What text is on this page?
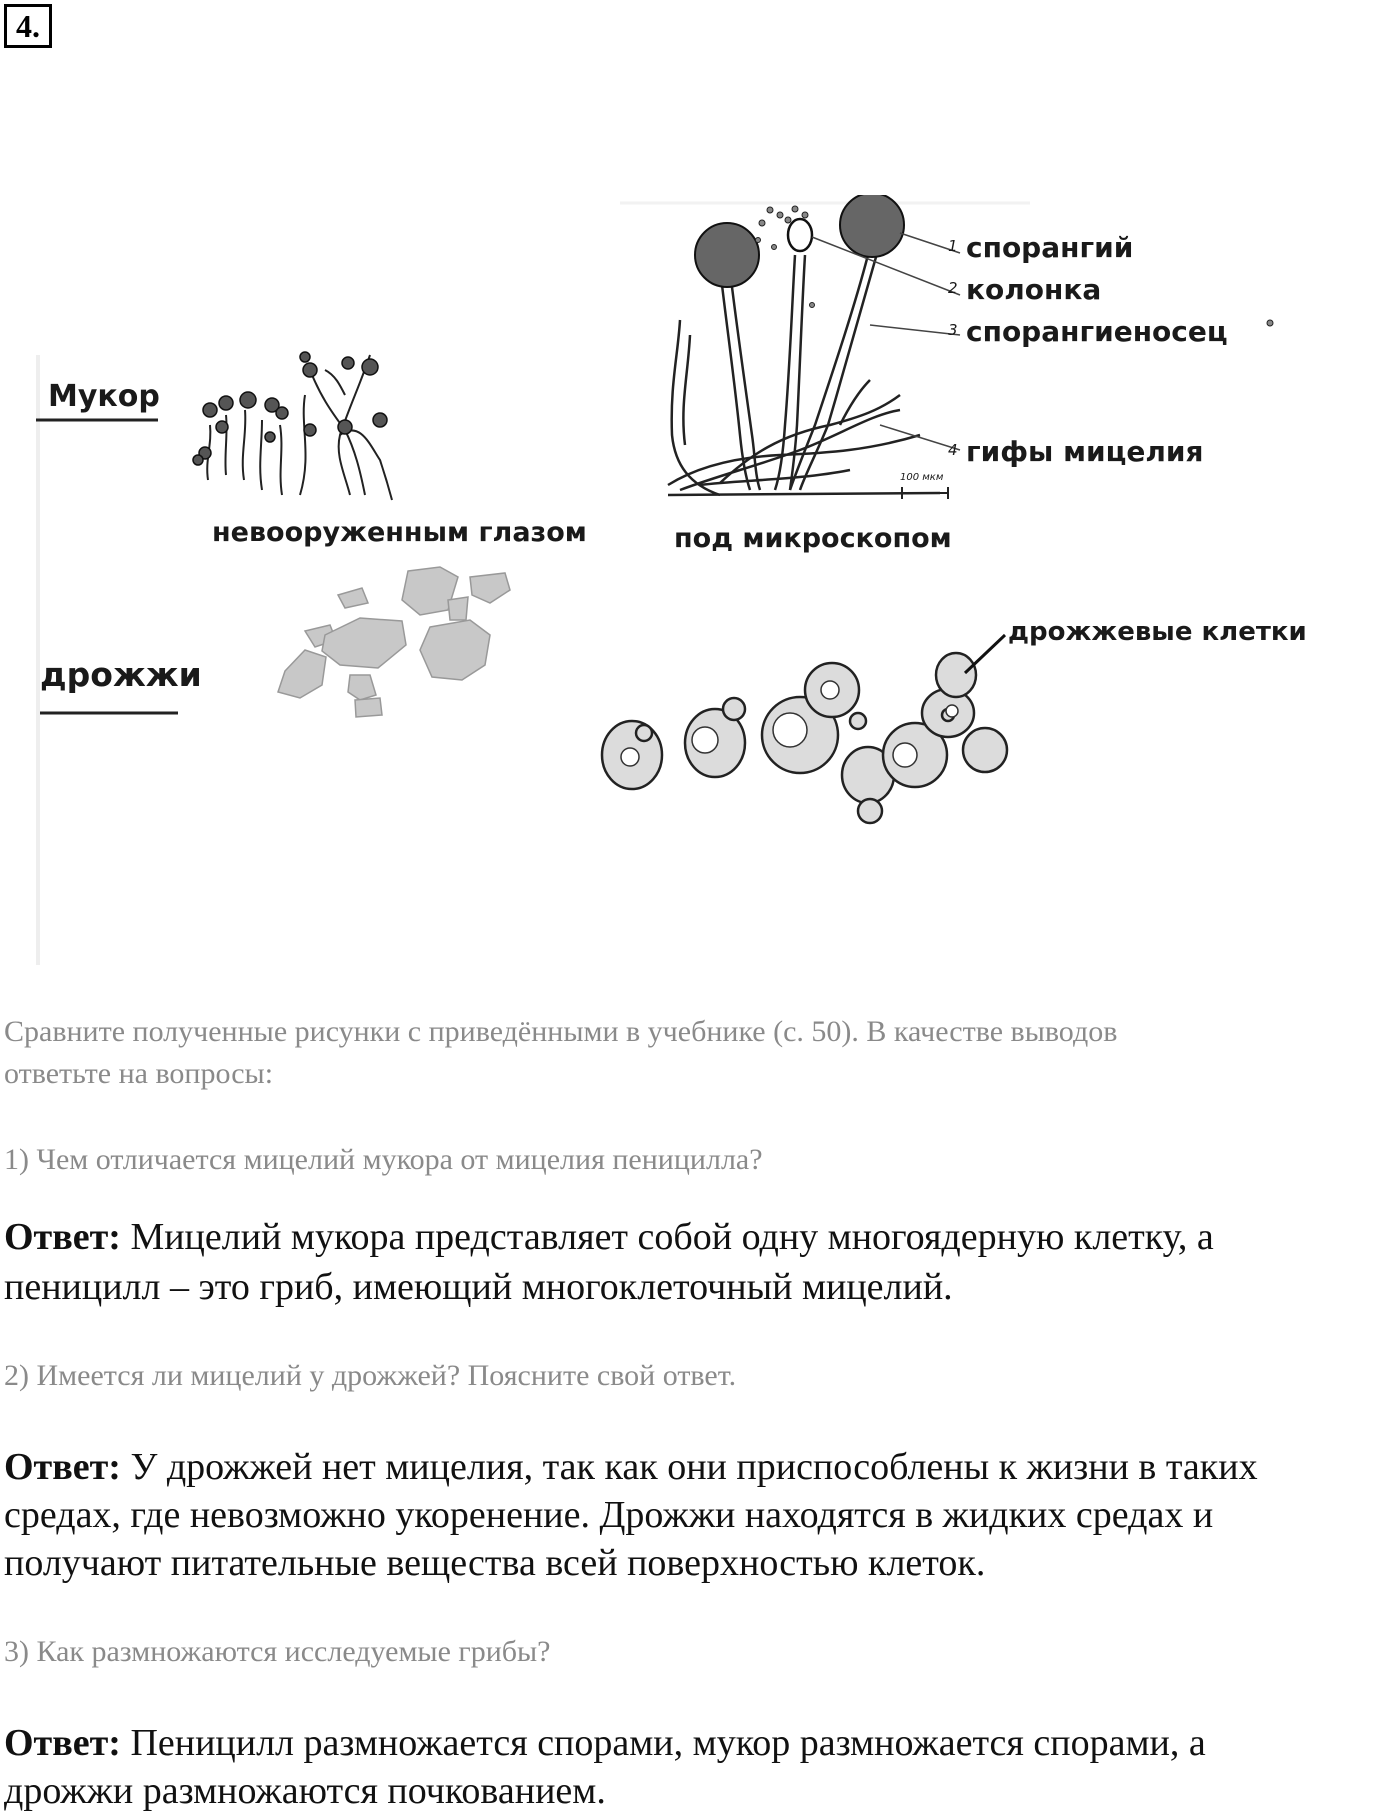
4.
Мукор
невооруженным глазом	под микроскопом
дрожжи
дрожжевые клетки
1 спорангий
2 колонка
3 спорангиеносец
4 гифы мицелия
100 мкм
Сравните полученные рисунки с приведёнными в учебнике (с. 50). В качестве выводов
ответьте на вопросы:
1) Чем отличается мицелий мукора от мицелия пеницилла?
Ответ: Мицелий мукора представляет собой одну многоядерную клетку, а
пеницилл – это гриб, имеющий многоклеточный мицелий.
2) Имеется ли мицелий у дрожжей? Поясните свой ответ.
Ответ: У дрожжей нет мицелия, так как они приспособлены к жизни в таких
средах, где невозможно укоренение. Дрожжи находятся в жидких средах и
получают питательные вещества всей поверхностью клеток.
3) Как размножаются исследуемые грибы?
Ответ: Пеницилл размножается спорами, мукор размножается спорами, а
дрожжи размножаются почкованием.
